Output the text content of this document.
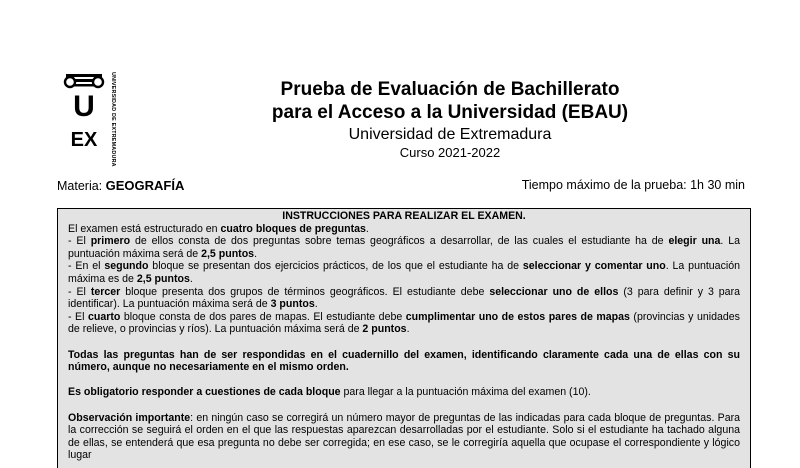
U
EX UNIVERSIDAD DE EXTREMADURA	Prueba de Evaluación de Bachillerato
para el Acceso a la Universidad (EBAU)
Universidad de Extremadura
Curso 2021-2022
Materia: GEOGRAFÍA	Tiempo máximo de la prueba: 1h 30 min
INSTRUCCIONES PARA REALIZAR EL EXAMEN.

El examen está estructurado en cuatro bloques de preguntas.

- El primero de ellos consta de dos preguntas sobre temas geográficos a desarrollar, de las cuales el estudiante ha de elegir una. La puntuación máxima será de 2,5 puntos.

- En el segundo bloque se presentan dos ejercicios prácticos, de los que el estudiante ha de seleccionar y comentar uno. La puntuación máxima es de 2,5 puntos.

- El tercer bloque presenta dos grupos de términos geográficos. El estudiante debe seleccionar uno de ellos (3 para definir y 3 para identificar). La puntuación máxima será de 3 puntos.

- El cuarto bloque consta de dos pares de mapas. El estudiante debe cumplimentar uno de estos pares de mapas (provincias y unidades de relieve, o provincias y ríos). La puntuación máxima será de 2 puntos.

Todas las preguntas han de ser respondidas en el cuadernillo del examen, identificando claramente cada una de ellas con su número, aunque no necesariamente en el mismo orden.

Es obligatorio responder a cuestiones de cada bloque para llegar a la puntuación máxima del examen (10).

Observación importante: en ningún caso se corregirá un número mayor de preguntas de las indicadas para cada bloque de preguntas. Para la corrección se seguirá el orden en el que las respuestas aparezcan desarrolladas por el estudiante. Solo si el estudiante ha tachado alguna de ellas, se entenderá que esa pregunta no debe ser corregida; en ese caso, se le corregiría aquella que ocupase el correspondiente y lógico lugar
